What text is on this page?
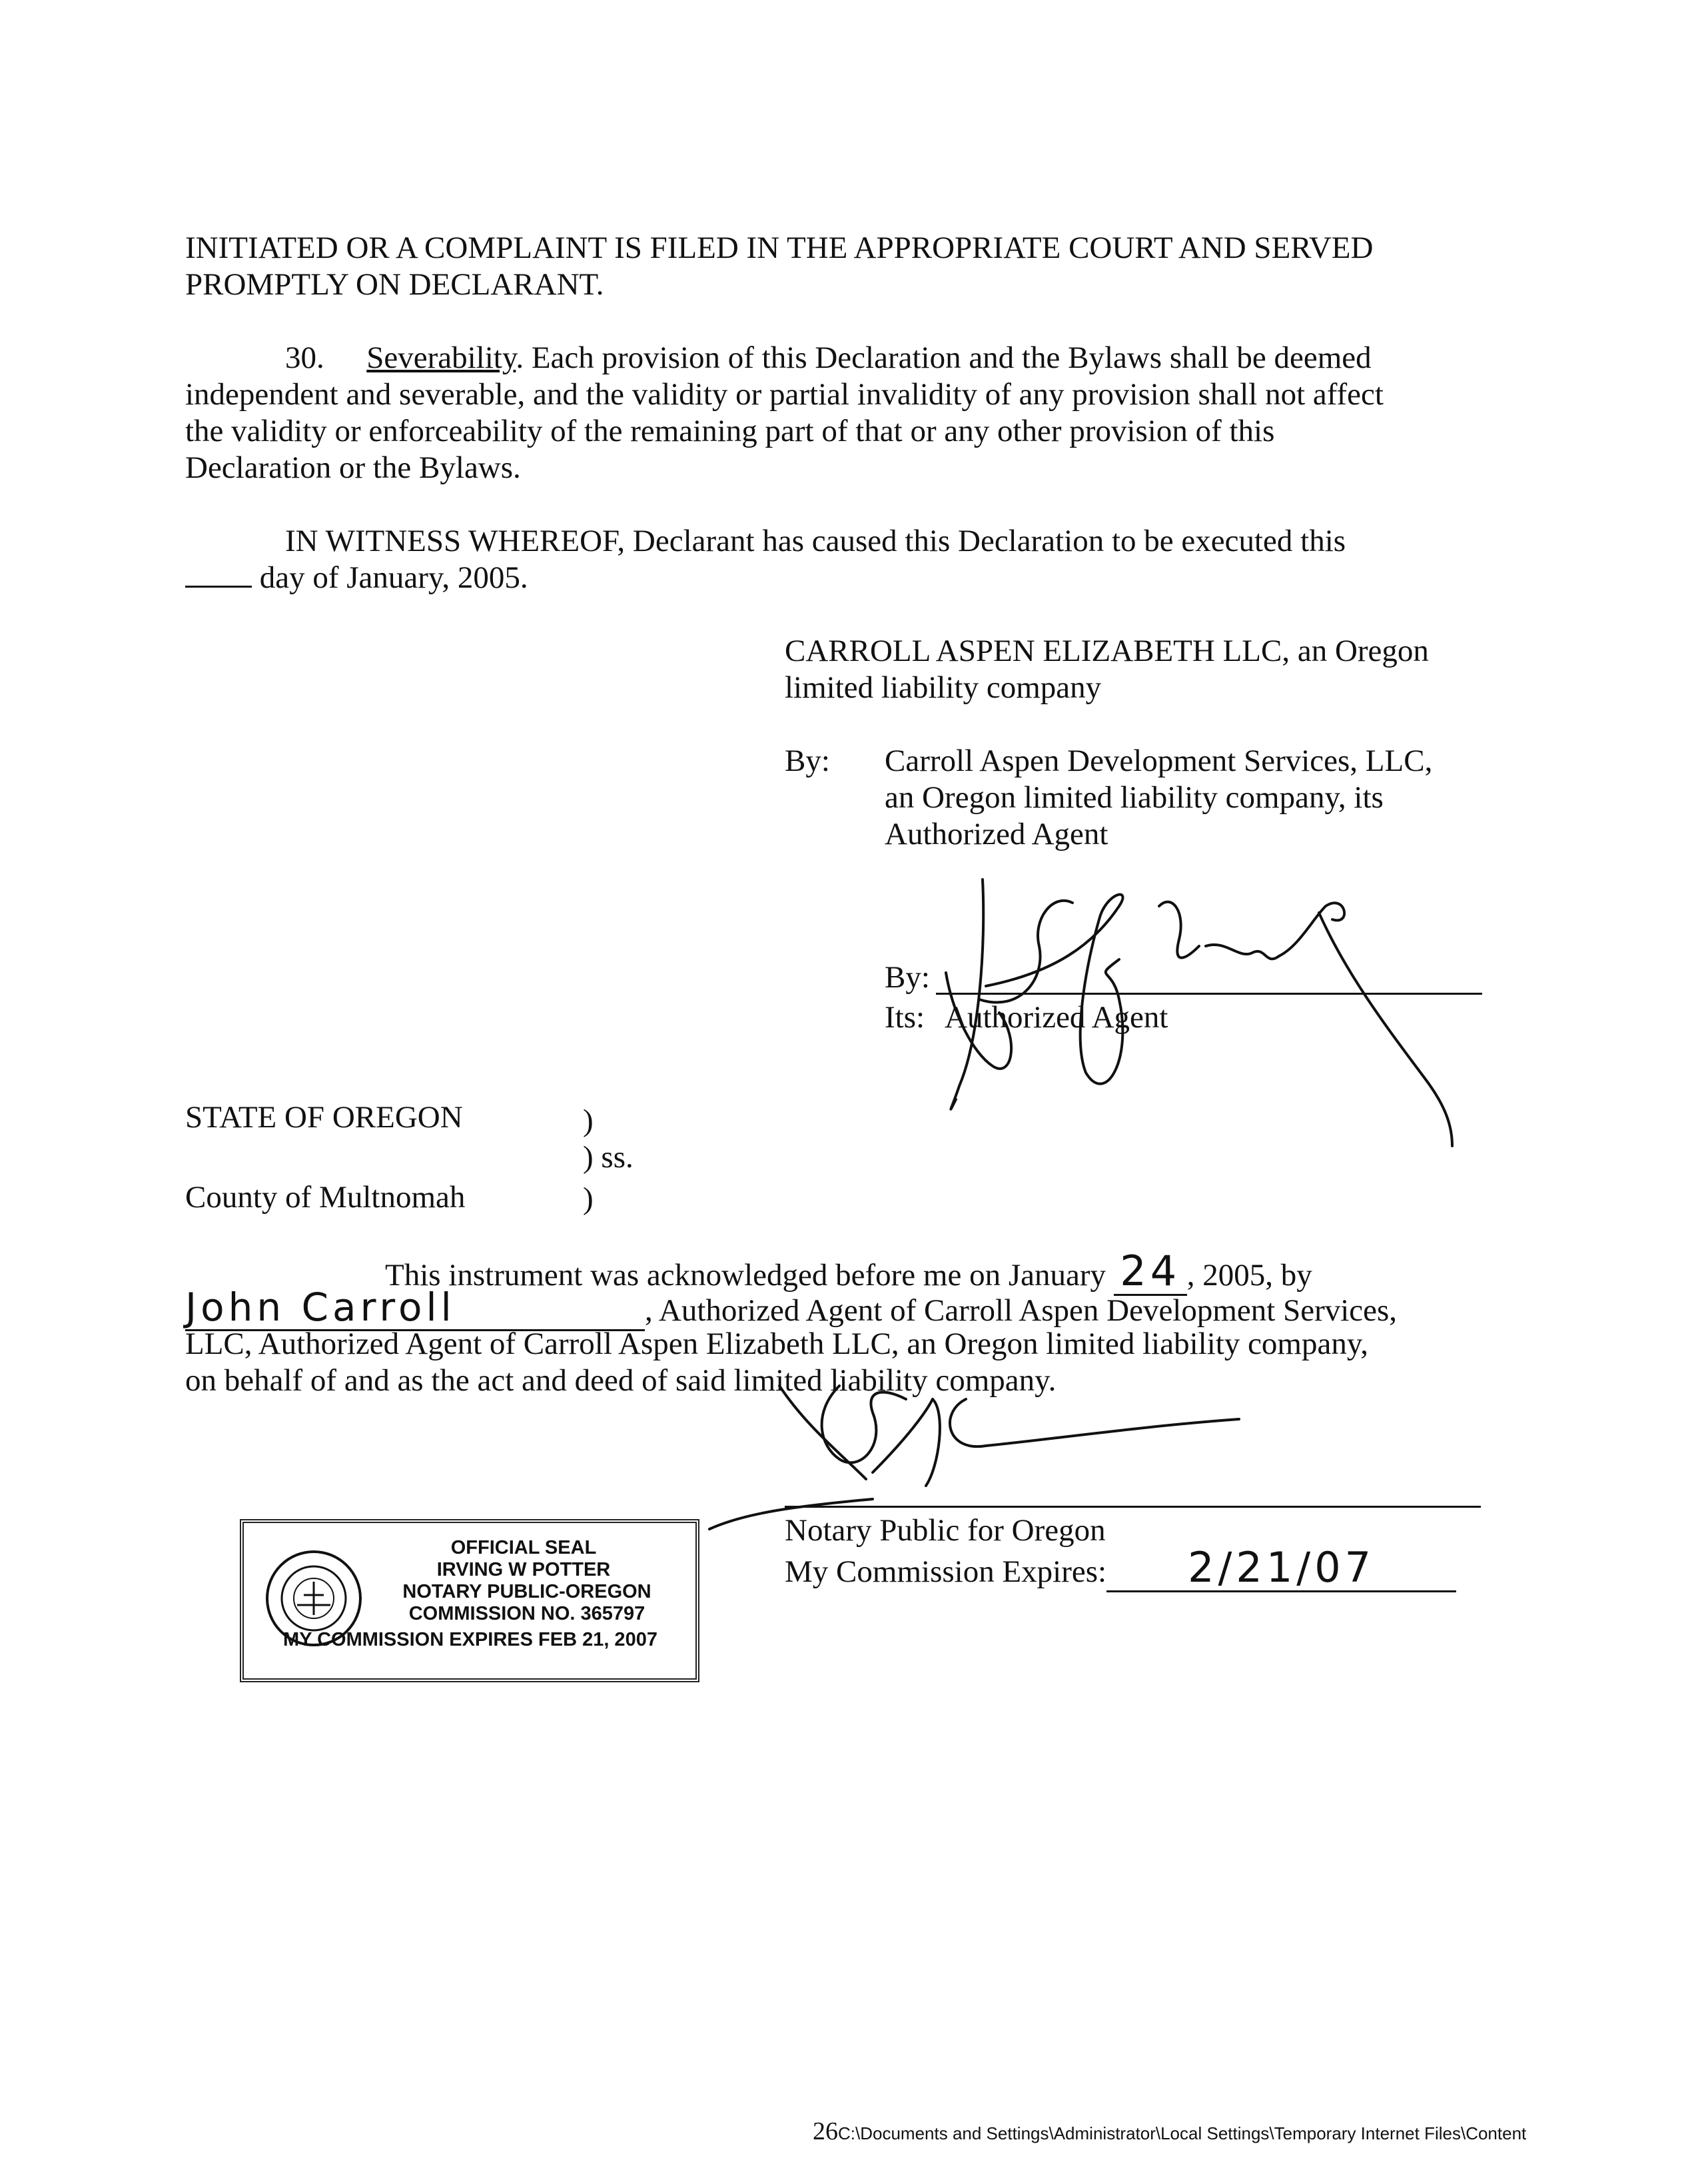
INITIATED OR A COMPLAINT IS FILED IN THE APPROPRIATE COURT AND SERVED
PROMPTLY ON DECLARANT.
30. Severability. Each provision of this Declaration and the Bylaws shall be deemed
independent and severable, and the validity or partial invalidity of any provision shall not affect
the validity or enforceability of the remaining part of that or any other provision of this
Declaration or the Bylaws.
IN WITNESS WHEREOF, Declarant has caused this Declaration to be executed this
day of January, 2005.
CARROLL ASPEN ELIZABETH LLC, an Oregon
limited liability company
By: Carroll Aspen Development Services, LLC,
an Oregon limited liability company, its
Authorized Agent
By:
Its: Authorized Agent
STATE OF OREGON	)
) ss.
County of Multnomah	)
This instrument was acknowledged before me on January 24 , 2005, by
John Carroll	, Authorized Agent of Carroll Aspen Development Services,
LLC, Authorized Agent of Carroll Aspen Elizabeth LLC, an Oregon limited liability company,
on behalf of and as the act and deed of said limited liability company.
Notary Public for Oregon
My Commission Expires: 2/21/07
OFFICIAL SEAL
IRVING W POTTER
NOTARY PUBLIC-OREGON
COMMISSION NO. 365797
MY COMMISSION EXPIRES FEB 21, 2007
26C:\Documents and Settings\Administrator\Local Settings\Temporary Internet Files\Content
